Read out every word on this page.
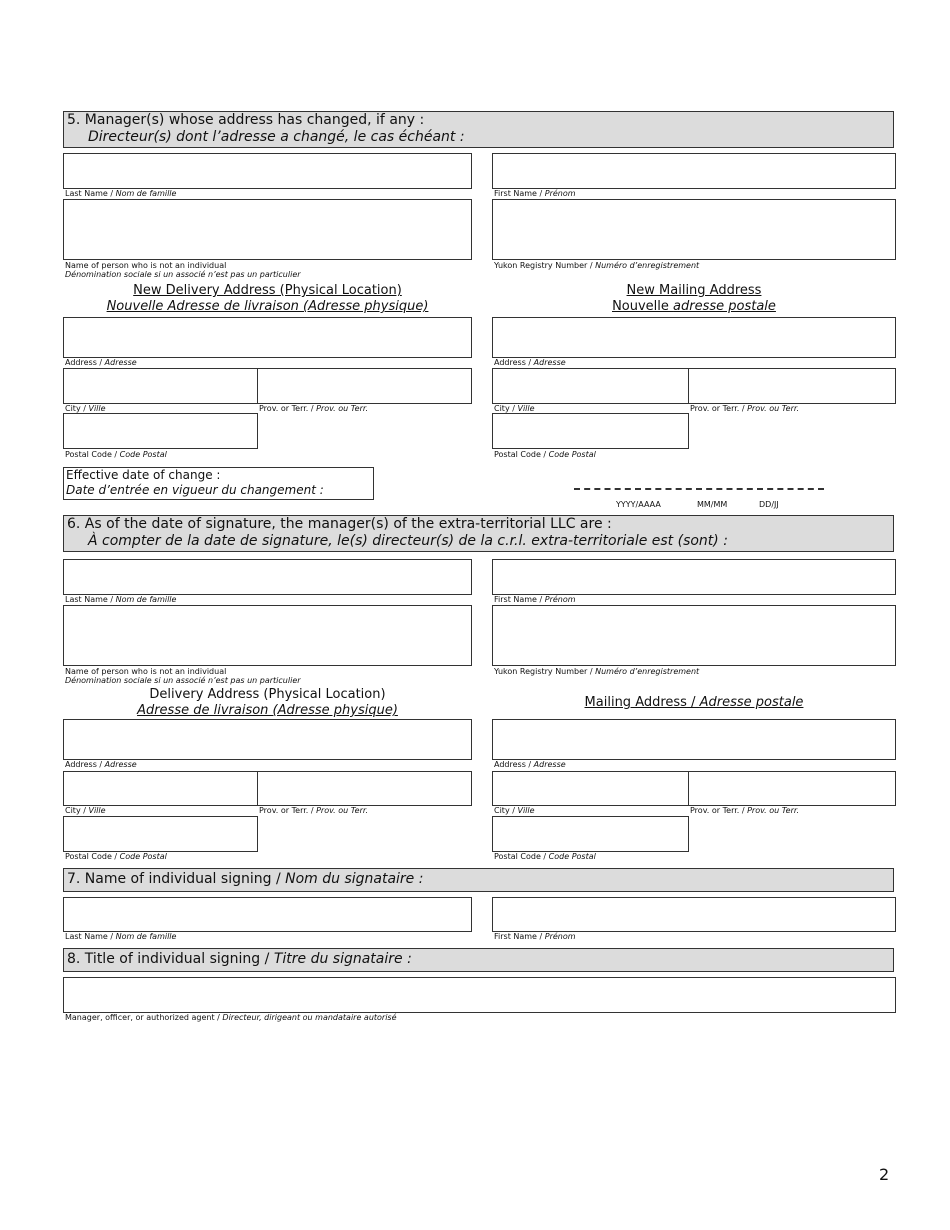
5. Manager(s) whose address has changed, if any :
Directeur(s) dont l’adresse a changé, le cas échéant :
Last Name / Nom de famille	First Name / Prénom
Name of person who is not an individual
Dénomination sociale si un associé n’est pas un particulier
Yukon Registry Number / Numéro d’enregistrement
New Delivery Address (Physical Location)
Nouvelle Adresse de livraison (Adresse physique)
New Mailing Address
Nouvelle adresse postale
Address / Adresse	Address / Adresse
City / Ville	Prov. or Terr. / Prov. ou Terr.	City / Ville	Prov. or Terr. / Prov. ou Terr.
Postal Code / Code Postal	Postal Code / Code Postal
Effective date of change :
Date d’entrée en vigueur du changement :
YYYY/AAAA	MM/MM	DD/JJ
6. As of the date of signature, the manager(s) of the extra-territorial LLC are :
À compter de la date de signature, le(s) directeur(s) de la c.r.l. extra-territoriale est (sont) :
Last Name / Nom de famille	First Name / Prénom
Name of person who is not an individual
Dénomination sociale si un associé n’est pas un particulier
Yukon Registry Number / Numéro d’enregistrement
Delivery Address (Physical Location)
Adresse de livraison (Adresse physique)
Mailing Address / Adresse postale
Address / Adresse	Address / Adresse
City / Ville	Prov. or Terr. / Prov. ou Terr.	City / Ville	Prov. or Terr. / Prov. ou Terr.
Postal Code / Code Postal	Postal Code / Code Postal
7. Name of individual signing / Nom du signataire :
Last Name / Nom de famille	First Name / Prénom
8. Title of individual signing / Titre du signataire :
Manager, officer, or authorized agent / Directeur, dirigeant ou mandataire autorisé
2
